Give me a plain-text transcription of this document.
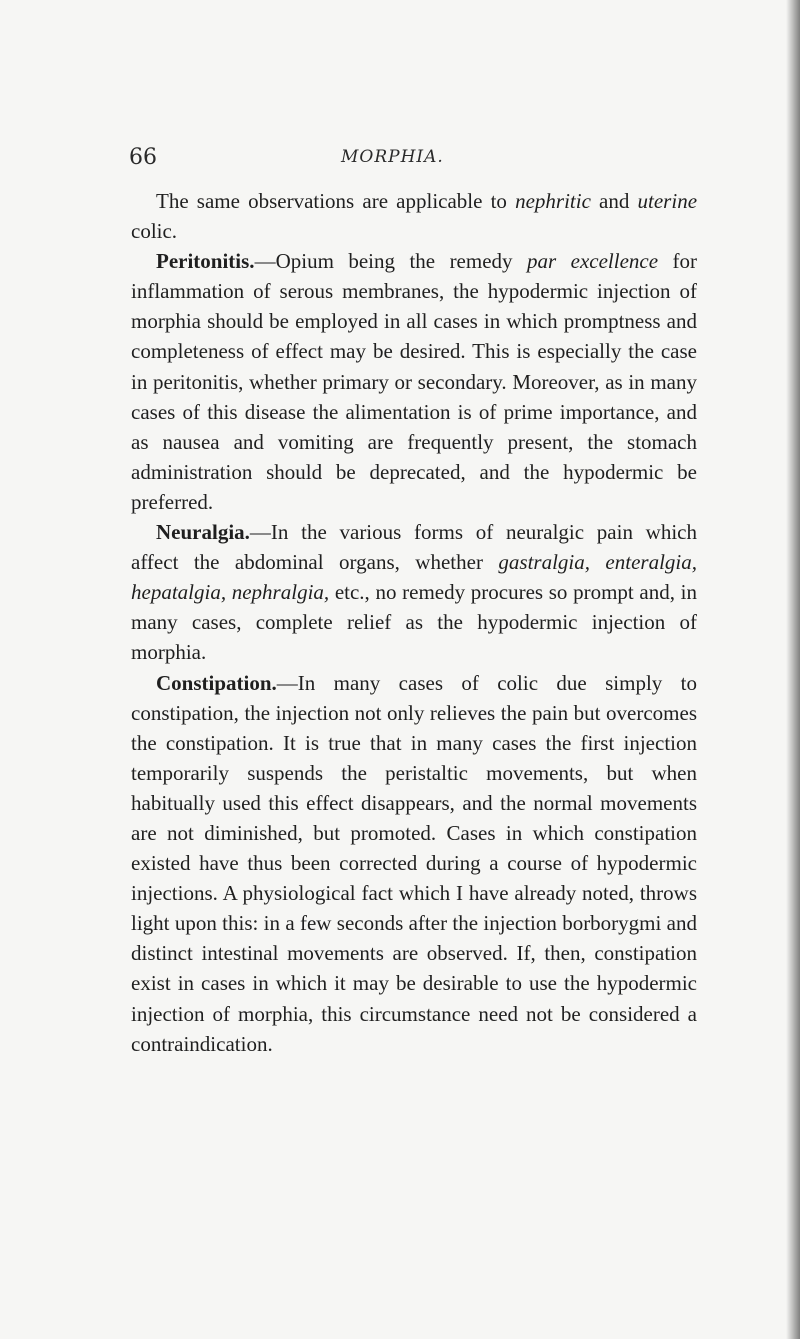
66	MORPHIA.

The same observations are applicable to nephritic and uterine colic.

Peritonitis.—Opium being the remedy par excellence for inflammation of serous membranes, the hypodermic injection of morphia should be employed in all cases in which promptness and completeness of effect may be desired. This is especially the case in peritonitis, whether primary or secondary. Moreover, as in many cases of this disease the alimentation is of prime importance, and as nausea and vomiting are frequently present, the stomach administration should be deprecated, and the hypodermic be preferred.

Neuralgia.—In the various forms of neuralgic pain which affect the abdominal organs, whether gastralgia, enteralgia, hepatalgia, nephralgia, etc., no remedy procures so prompt and, in many cases, complete relief as the hypodermic injection of morphia.

Constipation.—In many cases of colic due simply to constipation, the injection not only relieves the pain but overcomes the constipation. It is true that in many cases the first injection temporarily suspends the peristaltic movements, but when habitually used this effect disappears, and the normal movements are not diminished, but promoted. Cases in which constipation existed have thus been corrected during a course of hypodermic injections. A physiological fact which I have already noted, throws light upon this: in a few seconds after the injection borborygmi and distinct intestinal movements are observed. If, then, constipation exist in cases in which it may be desirable to use the hypodermic injection of morphia, this circumstance need not be considered a contraindication.
